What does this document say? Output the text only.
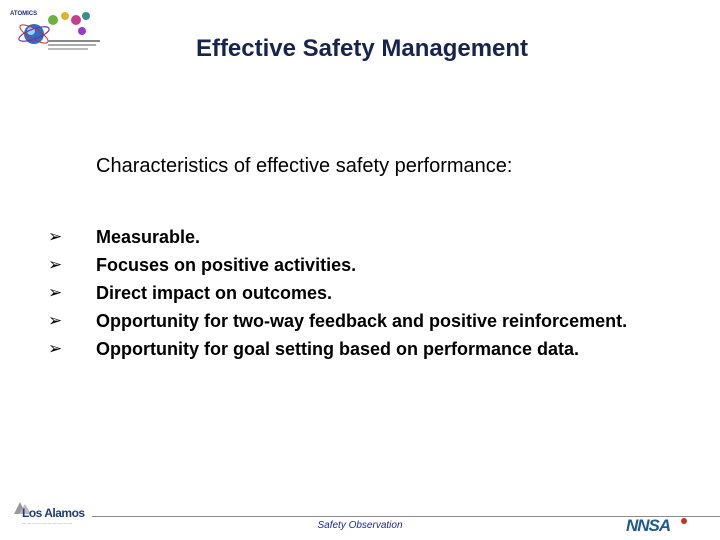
ATOMICS
Effective Safety Management
Characteristics of effective safety performance:
➢	Measurable.
➢	Focuses on positive activities.
➢	Direct impact on outcomes.
➢	Opportunity for two-way feedback and positive reinforcement.
➢	Opportunity for goal setting based on performance data.
Los Alamos
— — — — — — — — — —	Safety Observation	NNSA
